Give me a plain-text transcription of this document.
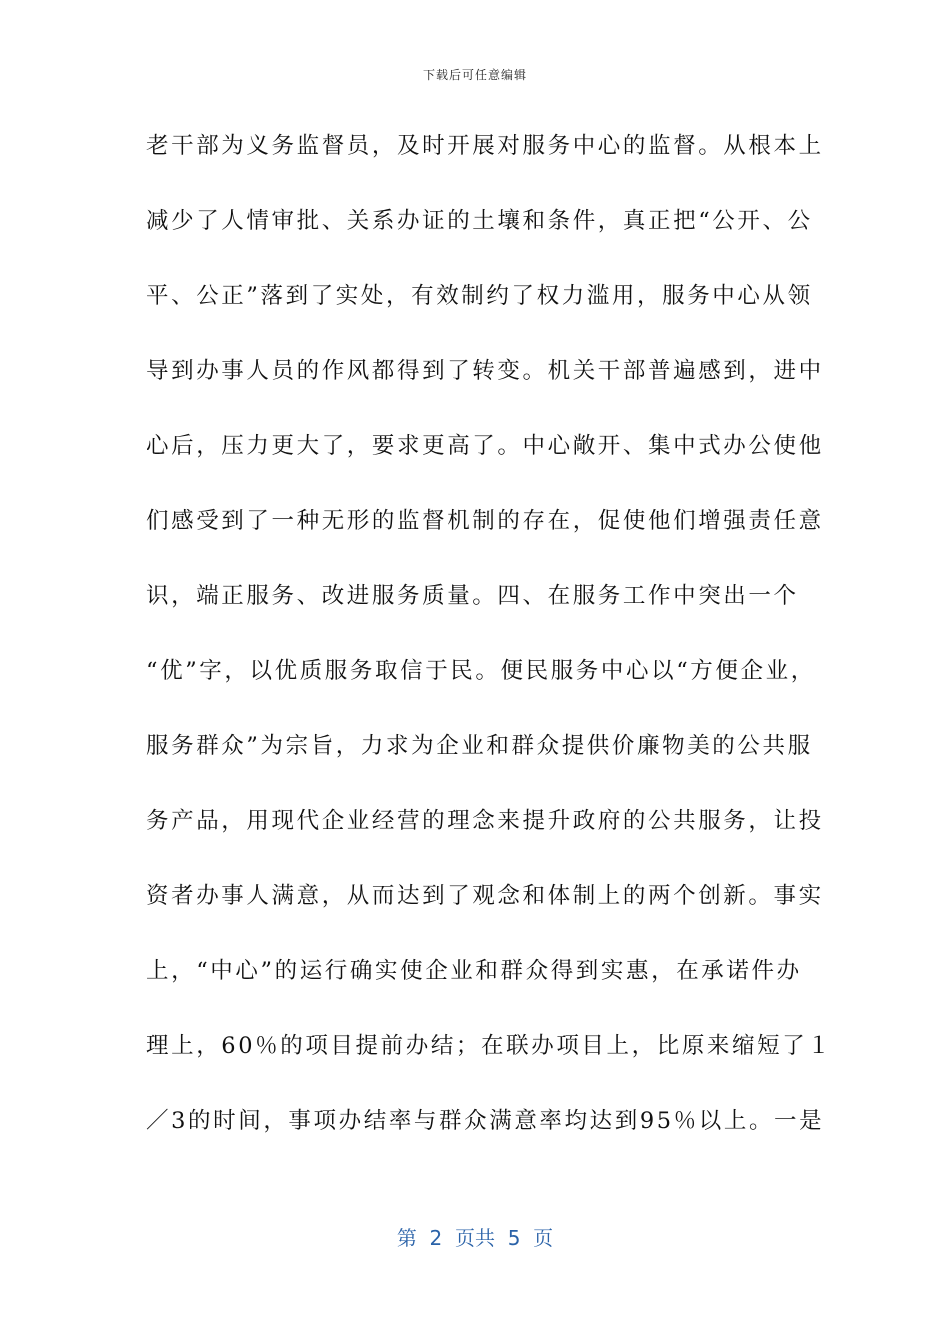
下载后可任意编辑
老干部为义务监督员，及时开展对服务中心的监督。从根本上
减少了人情审批、关系办证的土壤和条件，真正把“公开、公
平、公正”落到了实处，有效制约了权力滥用，服务中心从领
导到办事人员的作风都得到了转变。机关干部普遍感到，进中
心后，压力更大了，要求更高了。中心敞开、集中式办公使他
们感受到了一种无形的监督机制的存在，促使他们增强责任意
识，端正服务、改进服务质量。四、在服务工作中突出一个
“优”字，以优质服务取信于民。便民服务中心以“方便企业，
服务群众”为宗旨，力求为企业和群众提供价廉物美的公共服
务产品，用现代企业经营的理念来提升政府的公共服务，让投
资者办事人满意，从而达到了观念和体制上的两个创新。事实
上，“中心”的运行确实使企业和群众得到实惠，在承诺件办
理上，60％的项目提前办结；在联办项目上，比原来缩短了１
／3的时间，事项办结率与群众满意率均达到95％以上。一是
第  2  页共  5  页
